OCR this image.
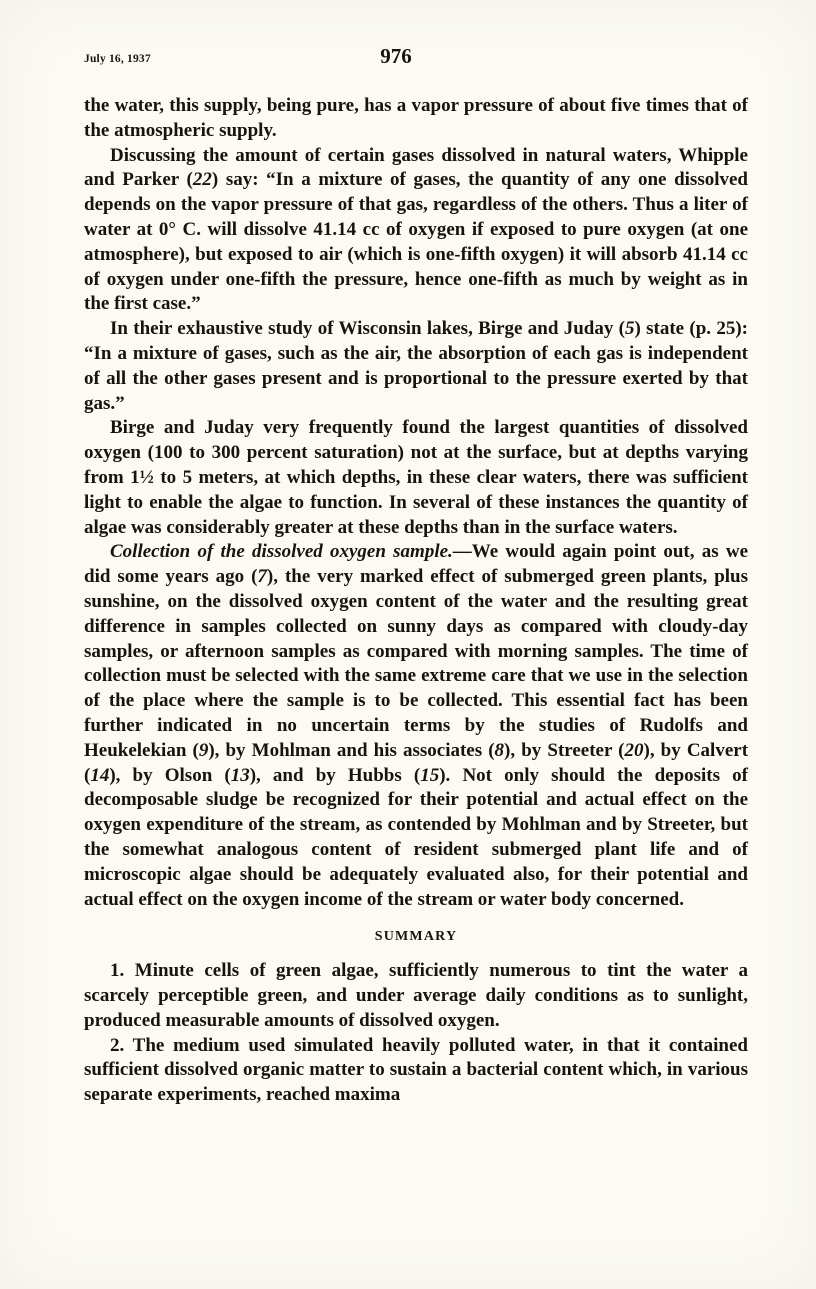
July 16, 1937	976

the water, this supply, being pure, has a vapor pressure of about five times that of the atmospheric supply.

Discussing the amount of certain gases dissolved in natural waters, Whipple and Parker (22) say: “In a mixture of gases, the quantity of any one dissolved depends on the vapor pressure of that gas, regardless of the others. Thus a liter of water at 0° C. will dissolve 41.14 cc of oxygen if exposed to pure oxygen (at one atmosphere), but exposed to air (which is one-fifth oxygen) it will absorb 41.14 cc of oxygen under one-fifth the pressure, hence one-fifth as much by weight as in the first case.”

In their exhaustive study of Wisconsin lakes, Birge and Juday (5) state (p. 25): “In a mixture of gases, such as the air, the absorption of each gas is independent of all the other gases present and is proportional to the pressure exerted by that gas.”

Birge and Juday very frequently found the largest quantities of dissolved oxygen (100 to 300 percent saturation) not at the surface, but at depths varying from 1½ to 5 meters, at which depths, in these clear waters, there was sufficient light to enable the algae to function. In several of these instances the quantity of algae was considerably greater at these depths than in the surface waters.

Collection of the dissolved oxygen sample.—We would again point out, as we did some years ago (7), the very marked effect of submerged green plants, plus sunshine, on the dissolved oxygen content of the water and the resulting great difference in samples collected on sunny days as compared with cloudy-day samples, or afternoon samples as compared with morning samples. The time of collection must be selected with the same extreme care that we use in the selection of the place where the sample is to be collected. This essential fact has been further indicated in no uncertain terms by the studies of Rudolfs and Heukelekian (9), by Mohlman and his associates (8), by Streeter (20), by Calvert (14), by Olson (13), and by Hubbs (15). Not only should the deposits of decomposable sludge be recognized for their potential and actual effect on the oxygen expenditure of the stream, as contended by Mohlman and by Streeter, but the somewhat analogous content of resident submerged plant life and of microscopic algae should be adequately evaluated also, for their potential and actual effect on the oxygen income of the stream or water body concerned.

SUMMARY

1. Minute cells of green algae, sufficiently numerous to tint the water a scarcely perceptible green, and under average daily conditions as to sunlight, produced measurable amounts of dissolved oxygen.

2. The medium used simulated heavily polluted water, in that it contained sufficient dissolved organic matter to sustain a bacterial content which, in various separate experiments, reached maxima
